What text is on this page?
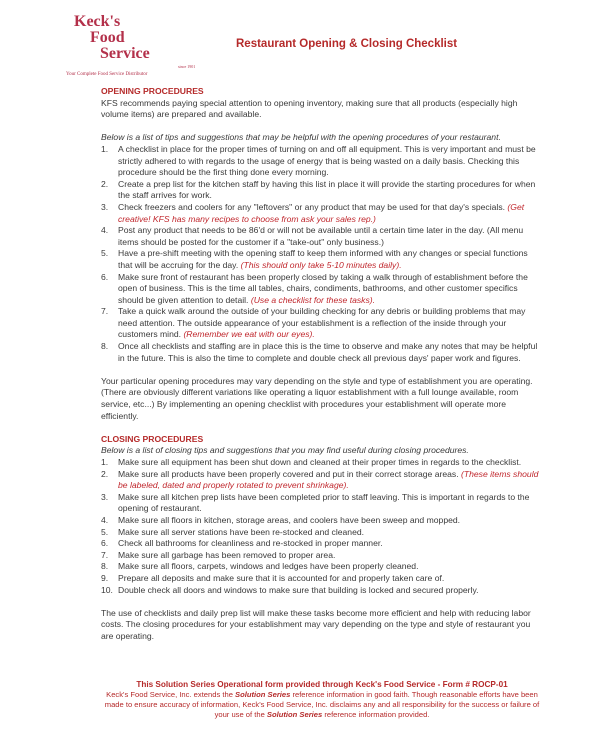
Keck's
Food
Service
since 1901
Your Complete Food Service Distributor
Restaurant Opening & Closing Checklist

OPENING PROCEDURES

KFS recommends paying special attention to opening inventory, making sure that all products (especially high volume items) are prepared and available.

Below is a list of tips and suggestions that may be helpful with the opening procedures of your restaurant.

1. A checklist in place for the proper times of turning on and off all equipment. This is very important and must be strictly adhered to with regards to the usage of energy that is being wasted on a daily basis. Checking this procedure should be the first thing done every morning.
2. Create a prep list for the kitchen staff by having this list in place it will provide the starting procedures for when the staff arrives for work.
3. Check freezers and coolers for any "leftovers" or any product that may be used for that day's specials. (Get creative! KFS has many recipes to choose from ask your sales rep.)
4. Post any product that needs to be 86'd or will not be available until a certain time later in the day. (All menu items should be posted for the customer if a "take-out" only business.)
5. Have a pre-shift meeting with the opening staff to keep them informed with any changes or special functions that will be accruing for the day. (This should only take 5-10 minutes daily).
6. Make sure front of restaurant has been properly closed by taking a walk through of establishment before the open of business. This is the time all tables, chairs, condiments, bathrooms, and other customer specifics should be given attention to detail. (Use a checklist for these tasks).
7. Take a quick walk around the outside of your building checking for any debris or building problems that may need attention. The outside appearance of your establishment is a reflection of the inside through your customers mind. (Remember we eat with our eyes).
8. Once all checklists and staffing are in place this is the time to observe and make any notes that may be helpful in the future. This is also the time to complete and double check all previous days' paper work and figures.

Your particular opening procedures may vary depending on the style and type of establishment you are operating. (There are obviously different variations like operating a liquor establishment with a full lounge available, room service, etc...) By implementing an opening checklist with procedures your establishment will operate more efficiently.

CLOSING PROCEDURES

Below is a list of closing tips and suggestions that you may find useful during closing procedures.

1. Make sure all equipment has been shut down and cleaned at their proper times in regards to the checklist.
2. Make sure all products have been properly covered and put in their correct storage areas. (These items should be labeled, dated and properly rotated to prevent shrinkage).
3. Make sure all kitchen prep lists have been completed prior to staff leaving. This is important in regards to the opening of restaurant.
4. Make sure all floors in kitchen, storage areas, and coolers have been sweep and mopped.
5. Make sure all server stations have been re-stocked and cleaned.
6. Check all bathrooms for cleanliness and re-stocked in proper manner.
7. Make sure all garbage has been removed to proper area.
8. Make sure all floors, carpets, windows and ledges have been properly cleaned.
9. Prepare all deposits and make sure that it is accounted for and properly taken care of.
10. Double check all doors and windows to make sure that building is locked and secured properly.

The use of checklists and daily prep list will make these tasks become more efficient and help with reducing labor costs. The closing procedures for your establishment may vary depending on the type and style of restaurant you are operating.

This Solution Series Operational form provided through Keck's Food Service - Form # ROCP-01
Keck's Food Service, Inc. extends the Solution Series reference information in good faith. Though reasonable efforts have been made to ensure accuracy of information, Keck's Food Service, Inc. disclaims any and all responsibility for the success or failure of your use of the Solution Series reference information provided.
